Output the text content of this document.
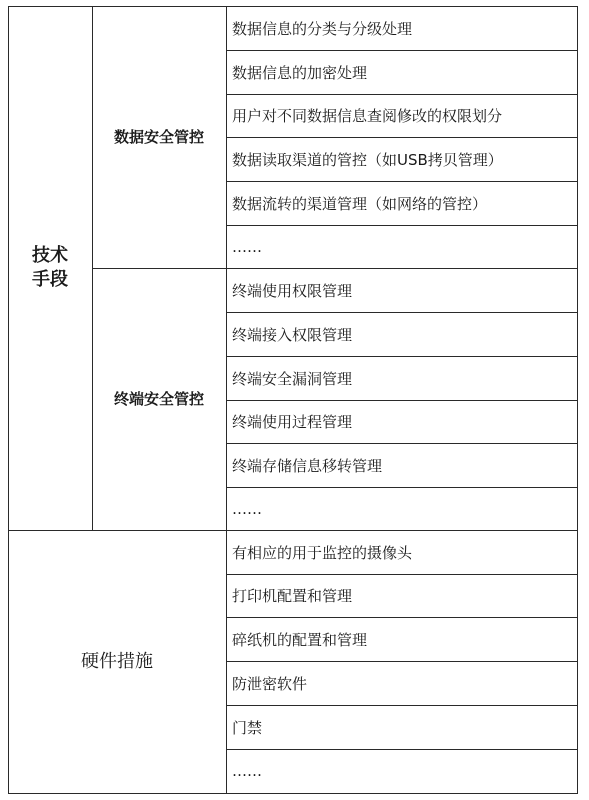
技术
手段
硬件措施
数据安全管控
终端安全管控
数据信息的分类与分级处理
数据信息的加密处理
用户对不同数据信息查阅修改的权限划分
数据读取渠道的管控（如USB拷贝管理）
数据流转的渠道管理（如网络的管控）
……
终端使用权限管理
终端接入权限管理
终端安全漏洞管理
终端使用过程管理
终端存储信息移转管理
……
有相应的用于监控的摄像头
打印机配置和管理
碎纸机的配置和管理
防泄密软件
门禁
……
